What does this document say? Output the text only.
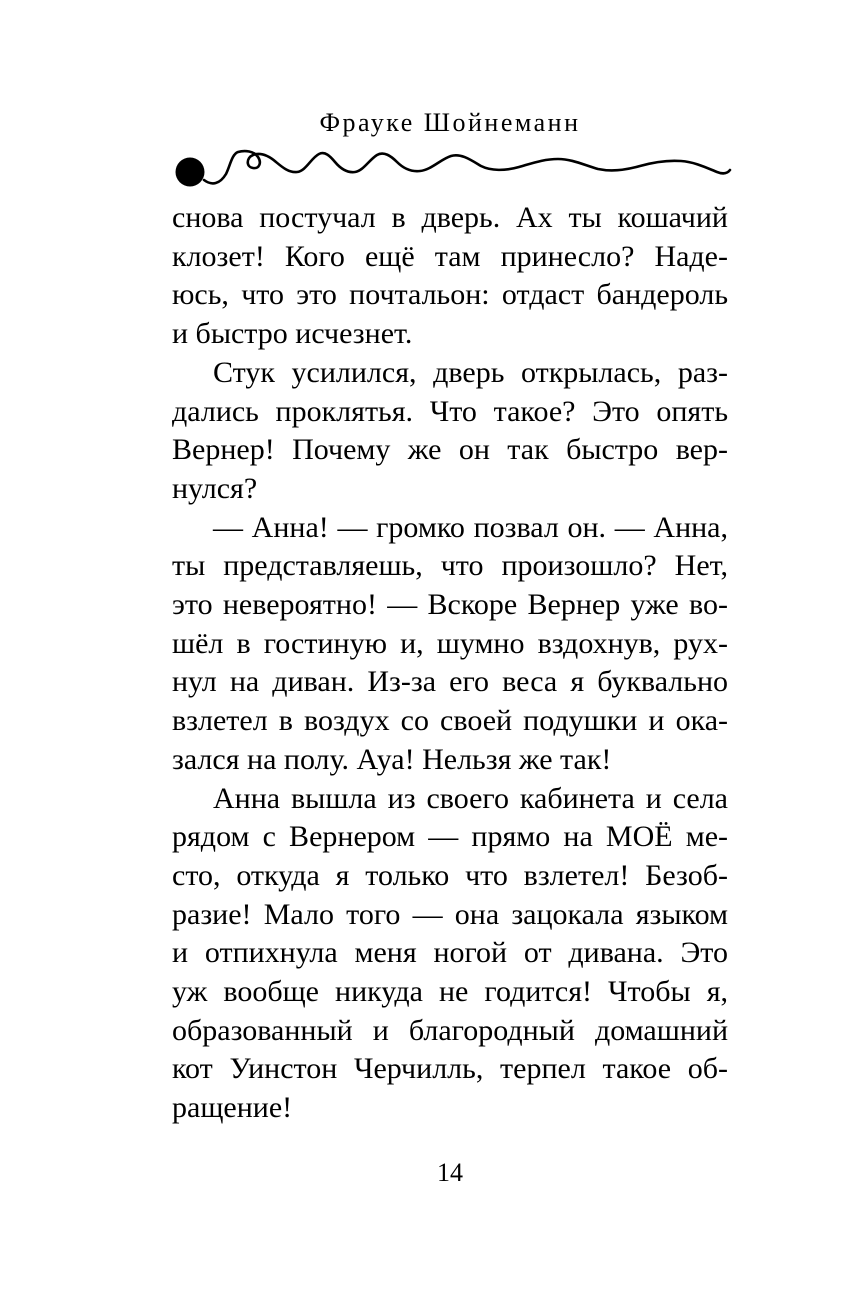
Фрауке Шойнеманн
снова постучал в дверь. Ах ты кошачий
клозет! Кого ещё там принесло? Наде-
юсь, что это почтальон: отдаст бандероль
и быстро исчезнет.
Стук усилился, дверь открылась, раз-
дались проклятья. Что такое? Это опять
Вернер! Почему же он так быстро вер-
нулся?
— Анна! — громко позвал он. — Анна,
ты представляешь, что произошло? Нет,
это невероятно! — Вскоре Вернер уже во-
шёл в гостиную и, шумно вздохнув, рух-
нул на диван. Из-за его веса я буквально
взлетел в воздух со своей подушки и ока-
зался на полу. Ауа! Нельзя же так!
Анна вышла из своего кабинета и села
рядом с Вернером — прямо на МОЁ ме-
сто, откуда я только что взлетел! Безоб-
разие! Мало того — она зацокала языком
и отпихнула меня ногой от дивана. Это
уж вообще никуда не годится! Чтобы я,
образованный и благородный домашний
кот Уинстон Черчилль, терпел такое об-
ращение!
14
